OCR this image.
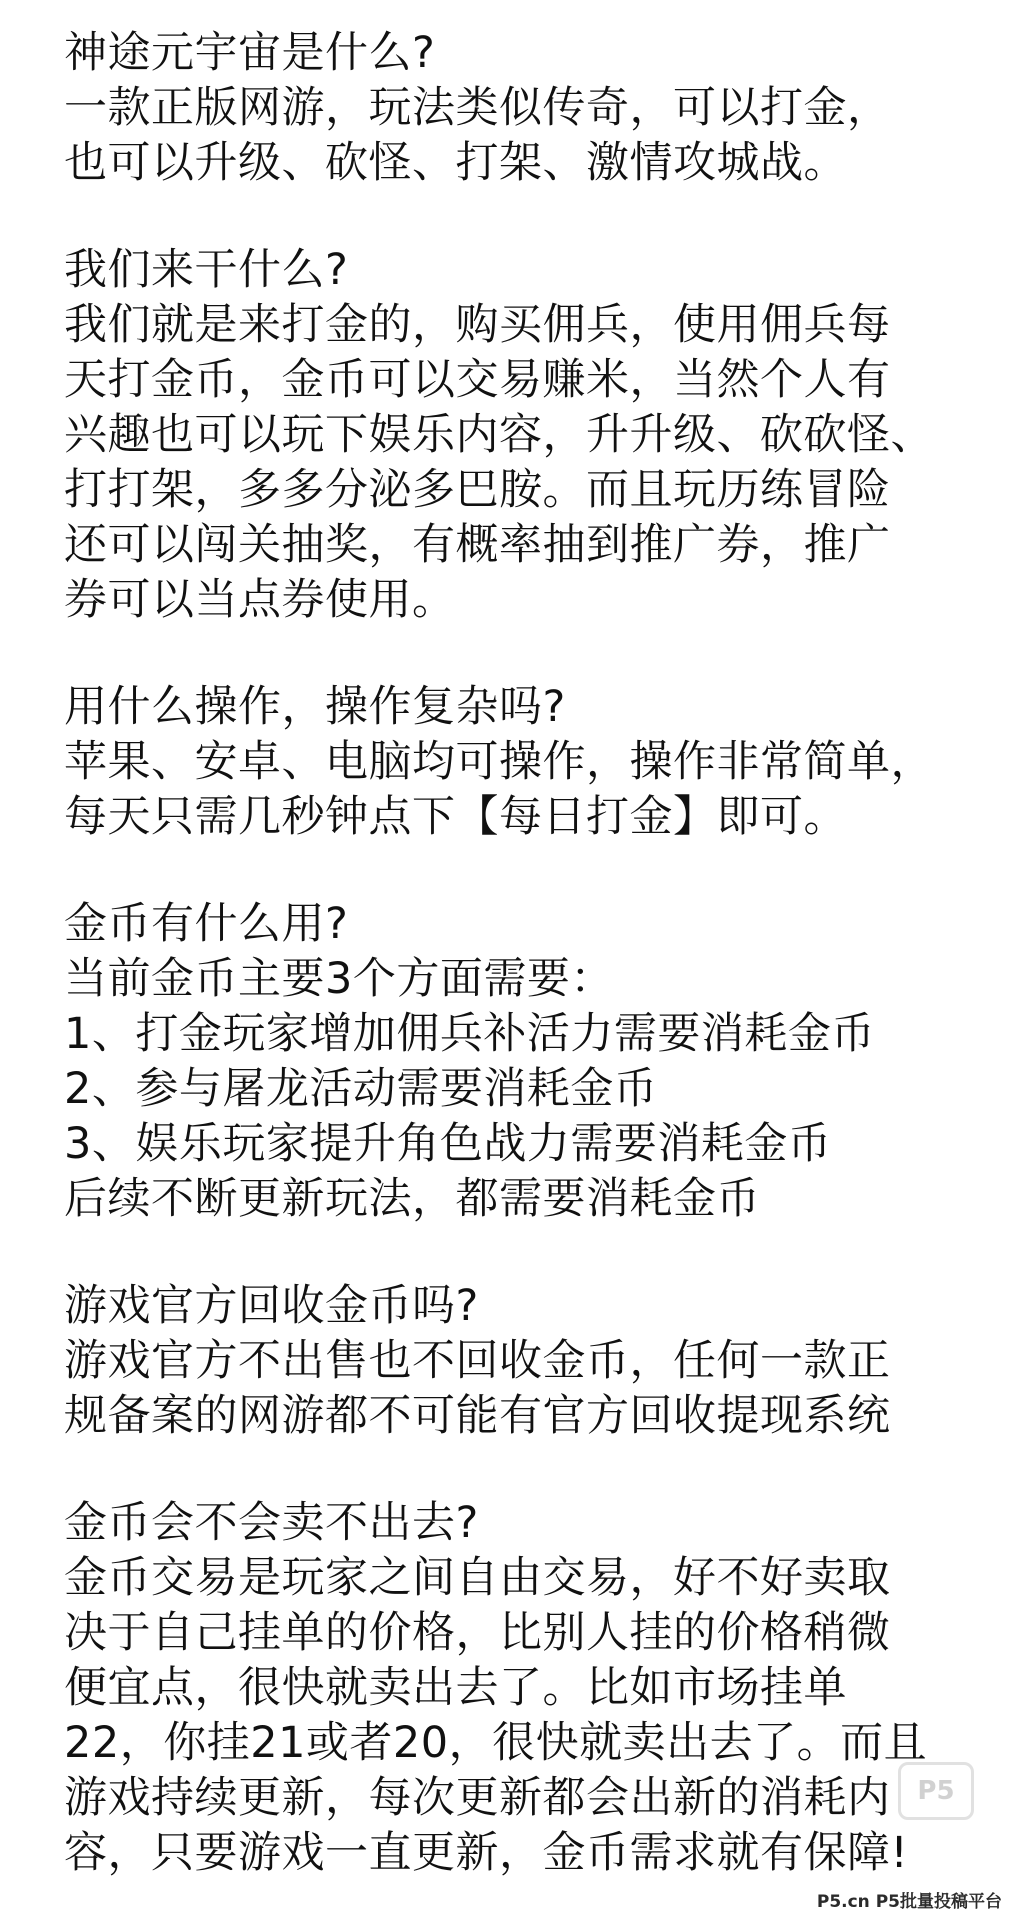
神途元宇宙是什么?
一款正版网游，玩法类似传奇，可以打金，
也可以升级、砍怪、打架、激情攻城战。
我们来干什么?
我们就是来打金的，购买佣兵，使用佣兵每
天打金币，金币可以交易赚米，当然个人有
兴趣也可以玩下娱乐内容，升升级、砍砍怪、
打打架，多多分泌多巴胺。而且玩历练冒险
还可以闯关抽奖，有概率抽到推广券，推广
券可以当点券使用。
用什么操作，操作复杂吗?
苹果、安卓、电脑均可操作，操作非常简单，
每天只需几秒钟点下【每日打金】即可。
金币有什么用?
当前金币主要3个方面需要：
1、打金玩家增加佣兵补活力需要消耗金币
2、参与屠龙活动需要消耗金币
3、娱乐玩家提升角色战力需要消耗金币
后续不断更新玩法，都需要消耗金币
游戏官方回收金币吗?
游戏官方不出售也不回收金币，任何一款正
规备案的网游都不可能有官方回收提现系统
金币会不会卖不出去?
金币交易是玩家之间自由交易，好不好卖取
决于自己挂单的价格，比别人挂的价格稍微
便宜点，很快就卖出去了。比如市场挂单
22，你挂21或者20，很快就卖出去了。而且
游戏持续更新，每次更新都会出新的消耗内
容，只要游戏一直更新，金币需求就有保障!
P5
P5.cn P5批量投稿平台
